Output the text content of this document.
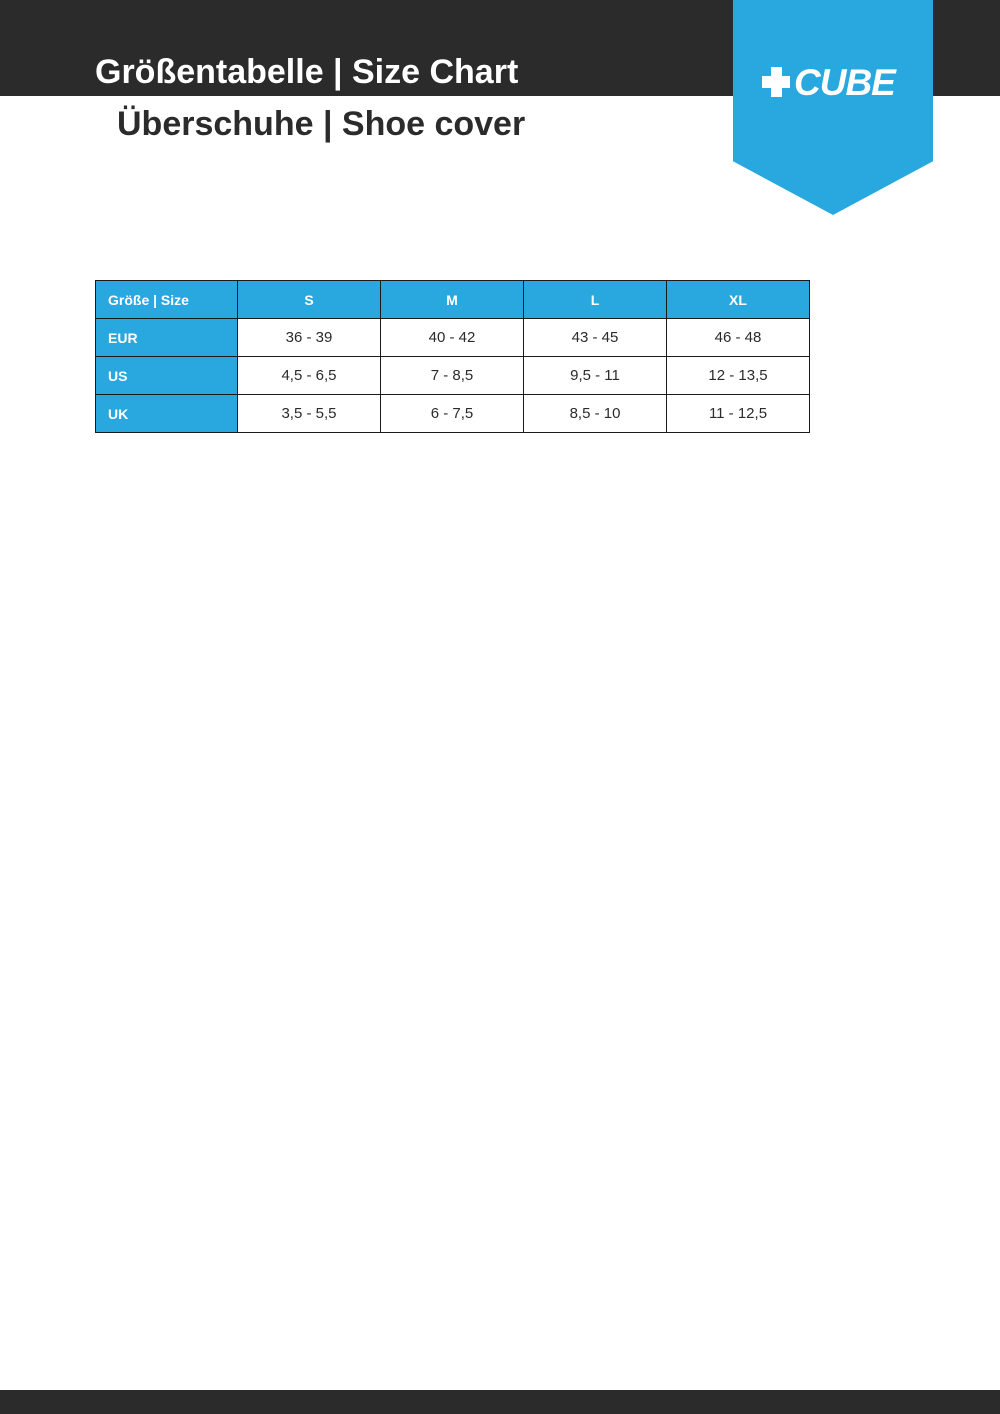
Größentabelle | Size Chart
Überschuhe | Shoe cover
CUBE
Größe | Size	S	M	L	XL
EUR	36 - 39	40 - 42	43 - 45	46 - 48
US	4,5 - 6,5	7 - 8,5	9,5 - 11	12 - 13,5
UK	3,5 - 5,5	6 - 7,5	8,5 - 10	11 - 12,5
